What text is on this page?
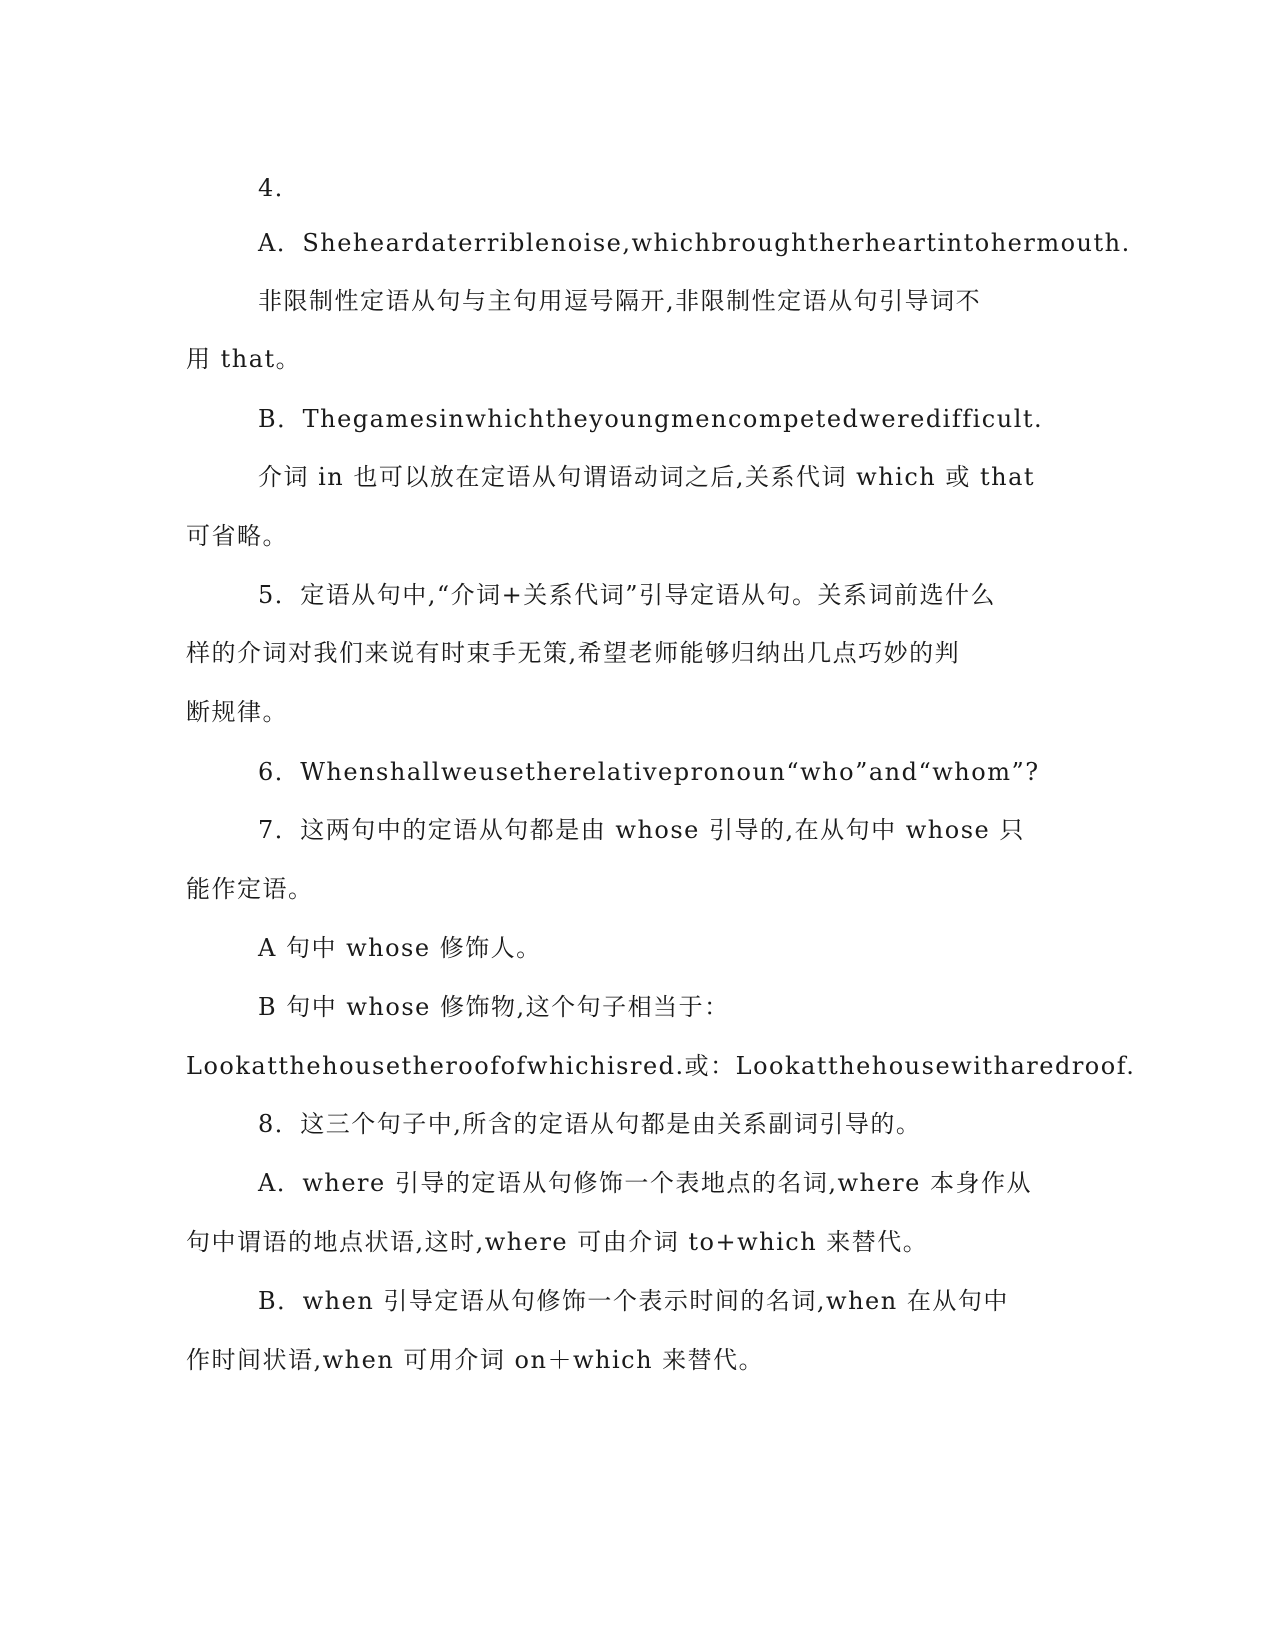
4．
A．Sheheardaterriblenoise,whichbroughtherheartintohermouth.
非限制性定语从句与主句用逗号隔开,非限制性定语从句引导词不
用 that。
B．Thegamesinwhichtheyoungmencompetedweredifficult.
介词 in 也可以放在定语从句谓语动词之后,关系代词 which 或 that
可省略。
5．定语从句中,“介词+关系代词”引导定语从句。关系词前选什么
样的介词对我们来说有时束手无策,希望老师能够归纳出几点巧妙的判
断规律。
6．Whenshallweusetherelativepronoun“who”and“whom”?
7．这两句中的定语从句都是由 whose 引导的,在从句中 whose 只
能作定语。
A 句中 whose 修饰人。
B 句中 whose 修饰物,这个句子相当于：
Lookatthehousetheroofofwhichisred.或：Lookatthehousewitharedroof.
8．这三个句子中,所含的定语从句都是由关系副词引导的。
A．where 引导的定语从句修饰一个表地点的名词,where 本身作从
句中谓语的地点状语,这时,where 可由介词 to+which 来替代。
B．when 引导定语从句修饰一个表示时间的名词,when 在从句中
作时间状语,when 可用介词 on＋which 来替代。
